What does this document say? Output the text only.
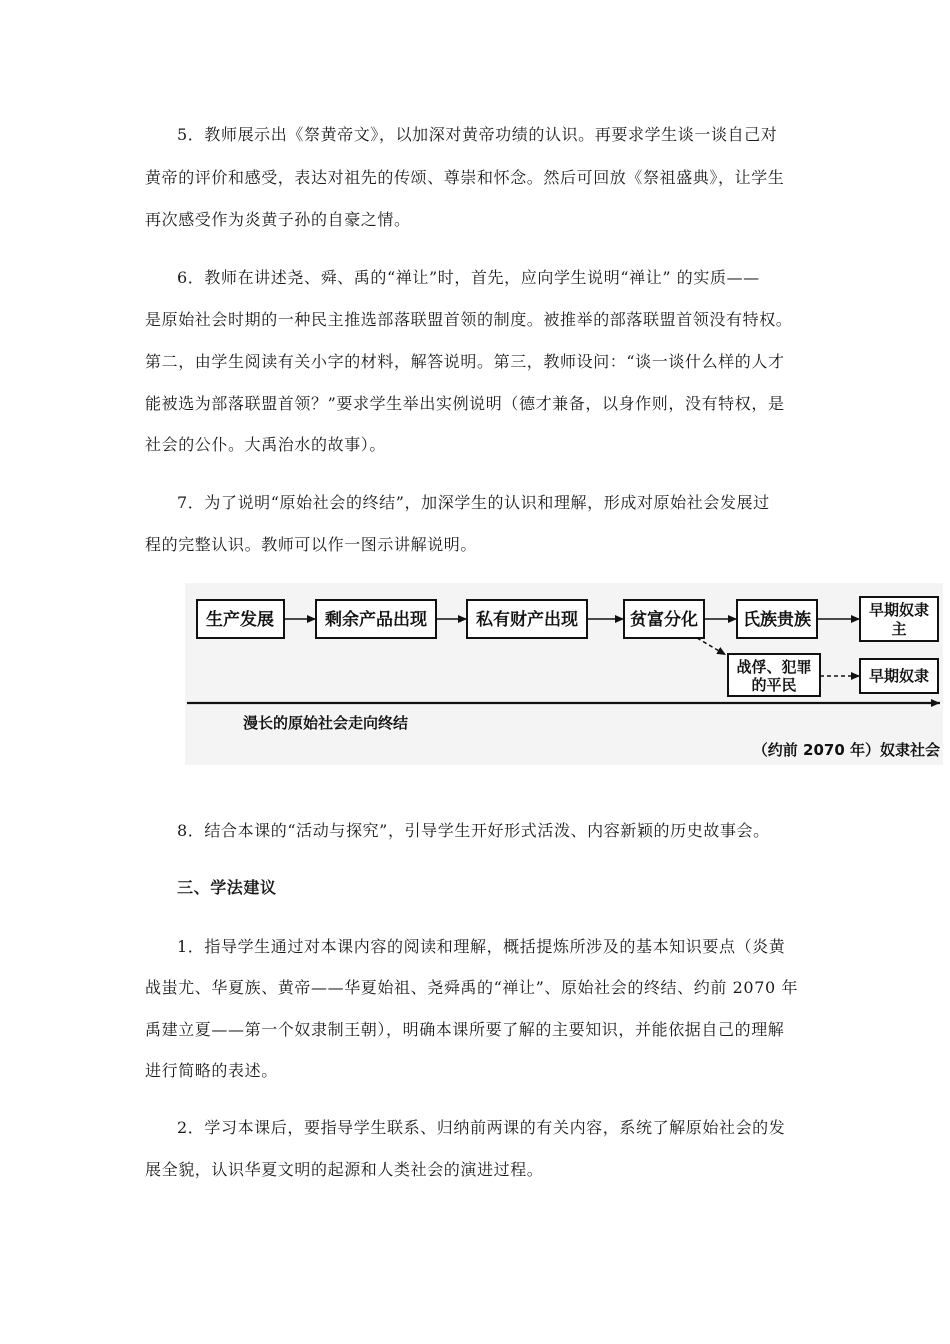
5．教师展示出《祭黄帝文》，以加深对黄帝功绩的认识。再要求学生谈一谈自己对
黄帝的评价和感受，表达对祖先的传颂、尊崇和怀念。然后可回放《祭祖盛典》，让学生
再次感受作为炎黄子孙的自豪之情。
6．教师在讲述尧、舜、禹的“禅让”时，首先，应向学生说明“禅让” 的实质——
是原始社会时期的一种民主推选部落联盟首领的制度。被推举的部落联盟首领没有特权。
第二，由学生阅读有关小字的材料，解答说明。第三，教师设问：“谈一谈什么样的人才
能被选为部落联盟首领？”要求学生举出实例说明（德才兼备，以身作则，没有特权，是
社会的公仆。大禹治水的故事）。
7．为了说明“原始社会的终结”，加深学生的认识和理解，形成对原始社会发展过
程的完整认识。教师可以作一图示讲解说明。
生产发展	剩余产品出现	私有财产出现	贫富分化	氏族贵族	早期奴隶
主
战俘、犯罪
的平民	早期奴隶
漫长的原始社会走向终结
（约前 2070 年）奴隶社会
8．结合本课的“活动与探究”，引导学生开好形式活泼、内容新颖的历史故事会。
三、学法建议
1．指导学生通过对本课内容的阅读和理解，概括提炼所涉及的基本知识要点（炎黄
战蚩尤、华夏族、黄帝——华夏始祖、尧舜禹的“禅让”、原始社会的终结、约前 2070 年
禹建立夏——第一个奴隶制王朝），明确本课所要了解的主要知识，并能依据自己的理解
进行简略的表述。
2．学习本课后，要指导学生联系、归纳前两课的有关内容，系统了解原始社会的发
展全貌，认识华夏文明的起源和人类社会的演进过程。
